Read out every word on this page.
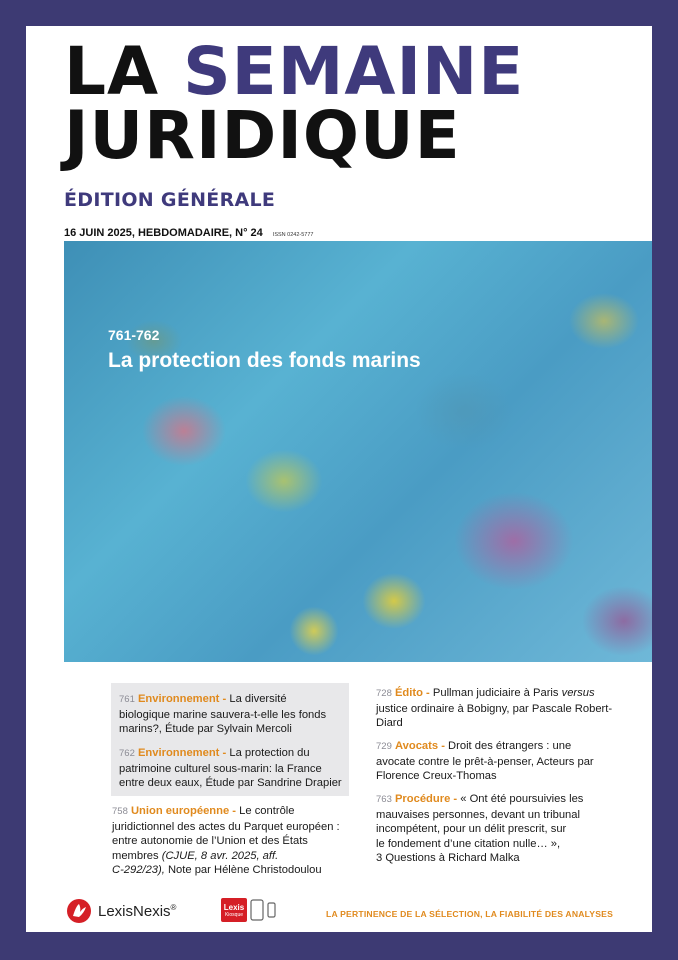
LA SEMAINE
JURIDIQUE
ÉDITION GÉNÉRALE
16 JUIN 2025, HEBDOMADAIRE, N° 24 ISSN 0242-5777
761-762
La protection des fonds marins
761 Environnement - La diversité
biologique marine sauvera-t-elle les fonds
marins?, Étude par Sylvain Mercoli
762 Environnement - La protection du
patrimoine culturel sous-marin: la France
entre deux eaux, Étude par Sandrine Drapier
758 Union européenne - Le contrôle
juridictionnel des actes du Parquet européen :
entre autonomie de l’Union et des États
membres (CJUE, 8 avr. 2025, aff.
C-292/23), Note par Hélène Christodoulou
728 Édito - Pullman judiciaire à Paris versus
justice ordinaire à Bobigny, par Pascale Robert-
Diard
729 Avocats - Droit des étrangers : une
avocate contre le prêt-à-penser, Acteurs par
Florence Creux-Thomas
763 Procédure - « Ont été poursuivies les
mauvaises personnes, devant un tribunal
incompétent, pour un délit prescrit, sur
le fondement d’une citation nulle… »,
3 Questions à Richard Malka
LexisNexis®	Lexis
Kiosque	LA PERTINENCE DE LA SÉLECTION, LA FIABILITÉ DES ANALYSES
